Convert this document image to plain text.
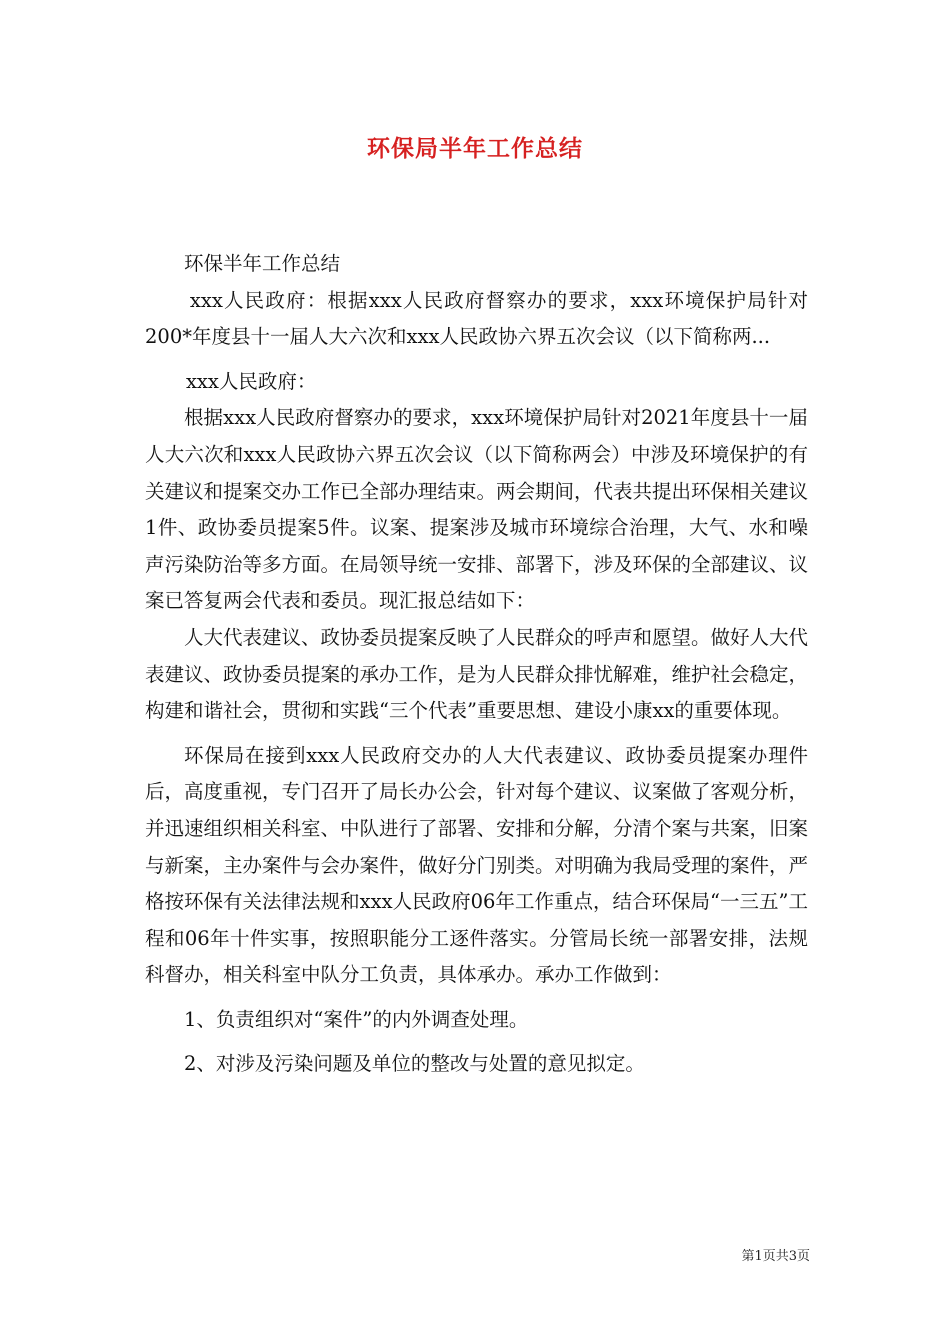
环保局半年工作总结

环保半年工作总结

xxx人民政府：根据xxx人民政府督察办的要求，xxx环境保护局针对200*年度县十一届人大六次和xxx人民政协六界五次会议（以下简称两...

xxx人民政府：

根据xxx人民政府督察办的要求，xxx环境保护局针对2021年度县十一届人大六次和xxx人民政协六界五次会议（以下简称两会）中涉及环境保护的有关建议和提案交办工作已全部办理结束。两会期间，代表共提出环保相关建议1件、政协委员提案5件。议案、提案涉及城市环境综合治理，大气、水和噪声污染防治等多方面。在局领导统一安排、部署下，涉及环保的全部建议、议案已答复两会代表和委员。现汇报总结如下：

人大代表建议、政协委员提案反映了人民群众的呼声和愿望。做好人大代表建议、政协委员提案的承办工作，是为人民群众排忧解难，维护社会稳定，构建和谐社会，贯彻和实践“三个代表”重要思想、建设小康xx的重要体现。

环保局在接到xxx人民政府交办的人大代表建议、政协委员提案办理件后，高度重视，专门召开了局长办公会，针对每个建议、议案做了客观分析，并迅速组织相关科室、中队进行了部署、安排和分解，分清个案与共案，旧案与新案，主办案件与会办案件，做好分门别类。对明确为我局受理的案件，严格按环保有关法律法规和xxx人民政府06年工作重点，结合环保局“一三五”工程和06年十件实事，按照职能分工逐件落实。分管局长统一部署安排，法规科督办，相关科室中队分工负责，具体承办。承办工作做到：

1、负责组织对“案件”的内外调查处理。

2、对涉及污染问题及单位的整改与处置的意见拟定。

第1页共3页
